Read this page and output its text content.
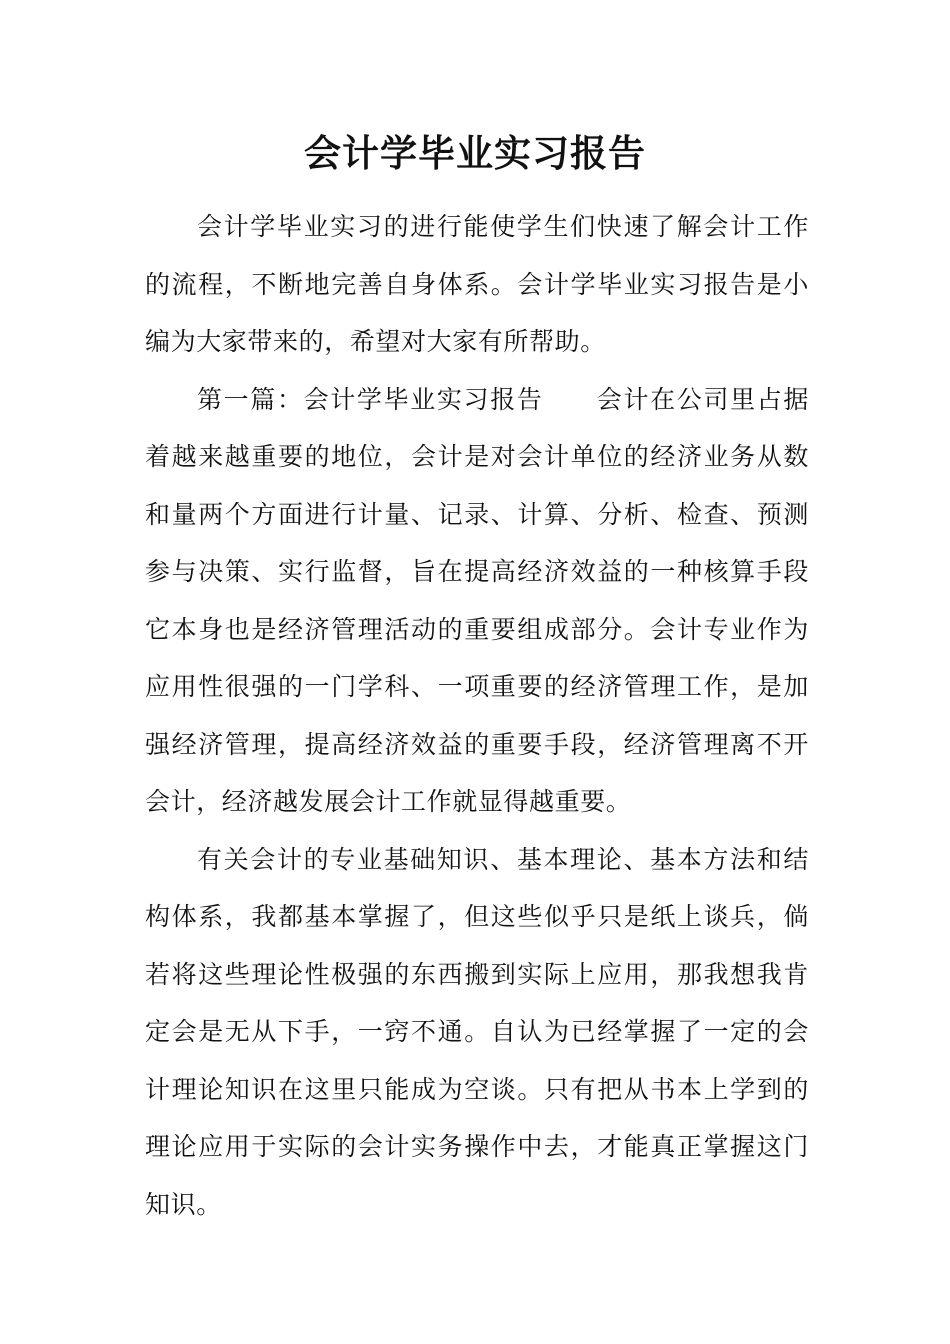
会计学毕业实习报告

会计学毕业实习的进行能使学生们快速了解会计工作的流程，不断地完善自身体系。会计学毕业实习报告是小编为大家带来的，希望对大家有所帮助。

第一篇：会计学毕业实习报告　　会计在公司里占据着越来越重要的地位，会计是对会计单位的经济业务从数和量两个方面进行计量、记录、计算、分析、检查、预测参与决策、实行监督，旨在提高经济效益的一种核算手段它本身也是经济管理活动的重要组成部分。会计专业作为应用性很强的一门学科、一项重要的经济管理工作，是加强经济管理，提高经济效益的重要手段，经济管理离不开会计，经济越发展会计工作就显得越重要。

有关会计的专业基础知识、基本理论、基本方法和结构体系，我都基本掌握了，但这些似乎只是纸上谈兵，倘若将这些理论性极强的东西搬到实际上应用，那我想我肯定会是无从下手，一窍不通。自认为已经掌握了一定的会计理论知识在这里只能成为空谈。只有把从书本上学到的理论应用于实际的会计实务操作中去，才能真正掌握这门知识。
